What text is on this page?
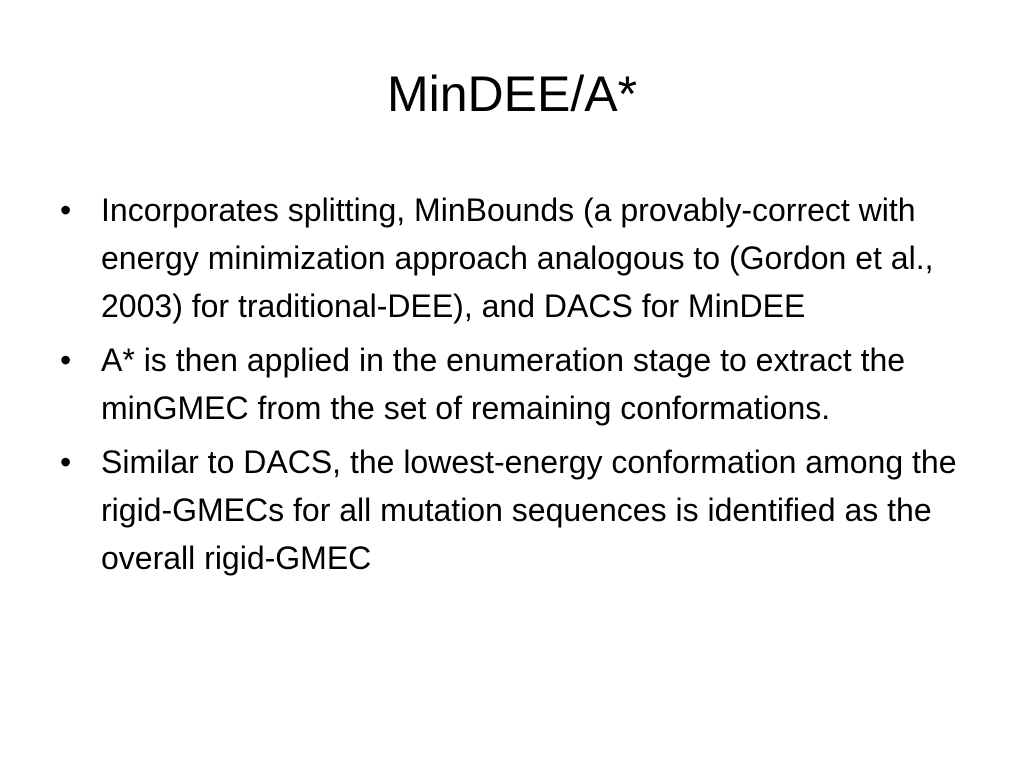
MinDEE/A*
• Incorporates splitting, MinBounds (a provably-correct with energy minimization approach analogous to (Gordon et al., 2003) for traditional-DEE), and DACS for MinDEE
• A* is then applied in the enumeration stage to extract the minGMEC from the set of remaining conformations.
• Similar to DACS, the lowest-energy conformation among the rigid-GMECs for all mutation sequences is identified as the overall rigid-GMEC
